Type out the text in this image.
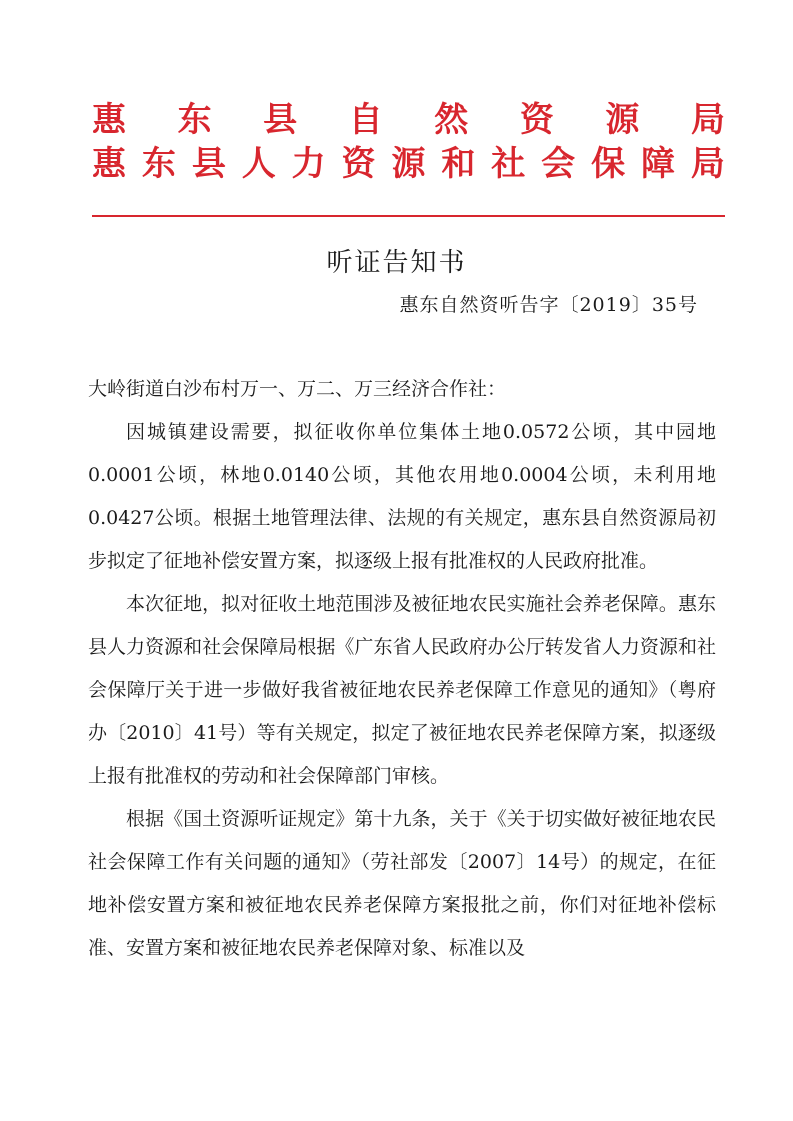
惠 东 县 自 然 资 源 局
惠 东 县 人 力 资 源 和 社 会 保 障 局
听证告知书
惠东自然资听告字〔2019〕35号

大岭街道白沙布村万一、万二、万三经济合作社：

因城镇建设需要，拟征收你单位集体土地0.0572公顷，其中园地0.0001公顷，林地0.0140公顷，其他农用地0.0004公顷，未利用地0.0427公顷。根据土地管理法律、法规的有关规定，惠东县自然资源局初步拟定了征地补偿安置方案，拟逐级上报有批准权的人民政府批准。

本次征地，拟对征收土地范围涉及被征地农民实施社会养老保障。惠东县人力资源和社会保障局根据《广东省人民政府办公厅转发省人力资源和社会保障厅关于进一步做好我省被征地农民养老保障工作意见的通知》（粤府办〔2010〕41号）等有关规定，拟定了被征地农民养老保障方案，拟逐级上报有批准权的劳动和社会保障部门审核。

根据《国土资源听证规定》第十九条，关于《关于切实做好被征地农民社会保障工作有关问题的通知》（劳社部发〔2007〕14号）的规定，在征地补偿安置方案和被征地农民养老保障方案报批之前，你们对征地补偿标准、安置方案和被征地农民养老保障对象、标准以及
